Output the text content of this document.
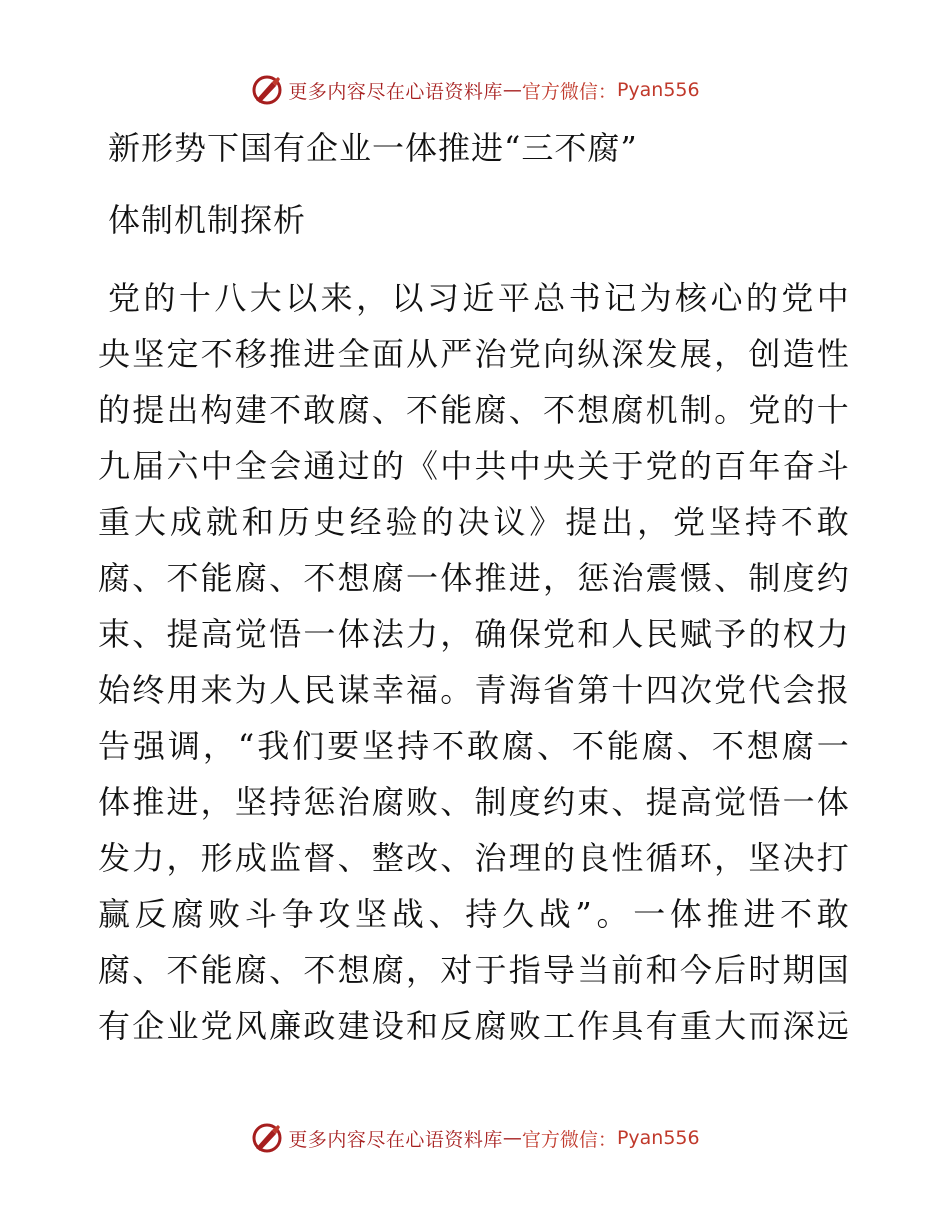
更多内容尽在心语资料库 — 官方微信： Pyan556
新形势下国有企业一体推进“三不腐”
体制机制探析
党的十八大以来，以习近平总书记为核心的党中
央坚定不移推进全面从严治党向纵深发展，创造性
的提出构建不敢腐、不能腐、不想腐机制。党的十
九届六中全会通过的《中共中央关于党的百年奋斗
重大成就和历史经验的决议》提出，党坚持不敢
腐、不能腐、不想腐一体推进，惩治震慑、制度约
束、提高觉悟一体法力，确保党和人民赋予的权力
始终用来为人民谋幸福。青海省第十四次党代会报
告强调，“我们要坚持不敢腐、不能腐、不想腐一
体推进，坚持惩治腐败、制度约束、提高觉悟一体
发力，形成监督、整改、治理的良性循环，坚决打
赢反腐败斗争攻坚战、持久战”。一体推进不敢
腐、不能腐、不想腐，对于指导当前和今后时期国
有企业党风廉政建设和反腐败工作具有重大而深远
更多内容尽在心语资料库 — 官方微信： Pyan556
